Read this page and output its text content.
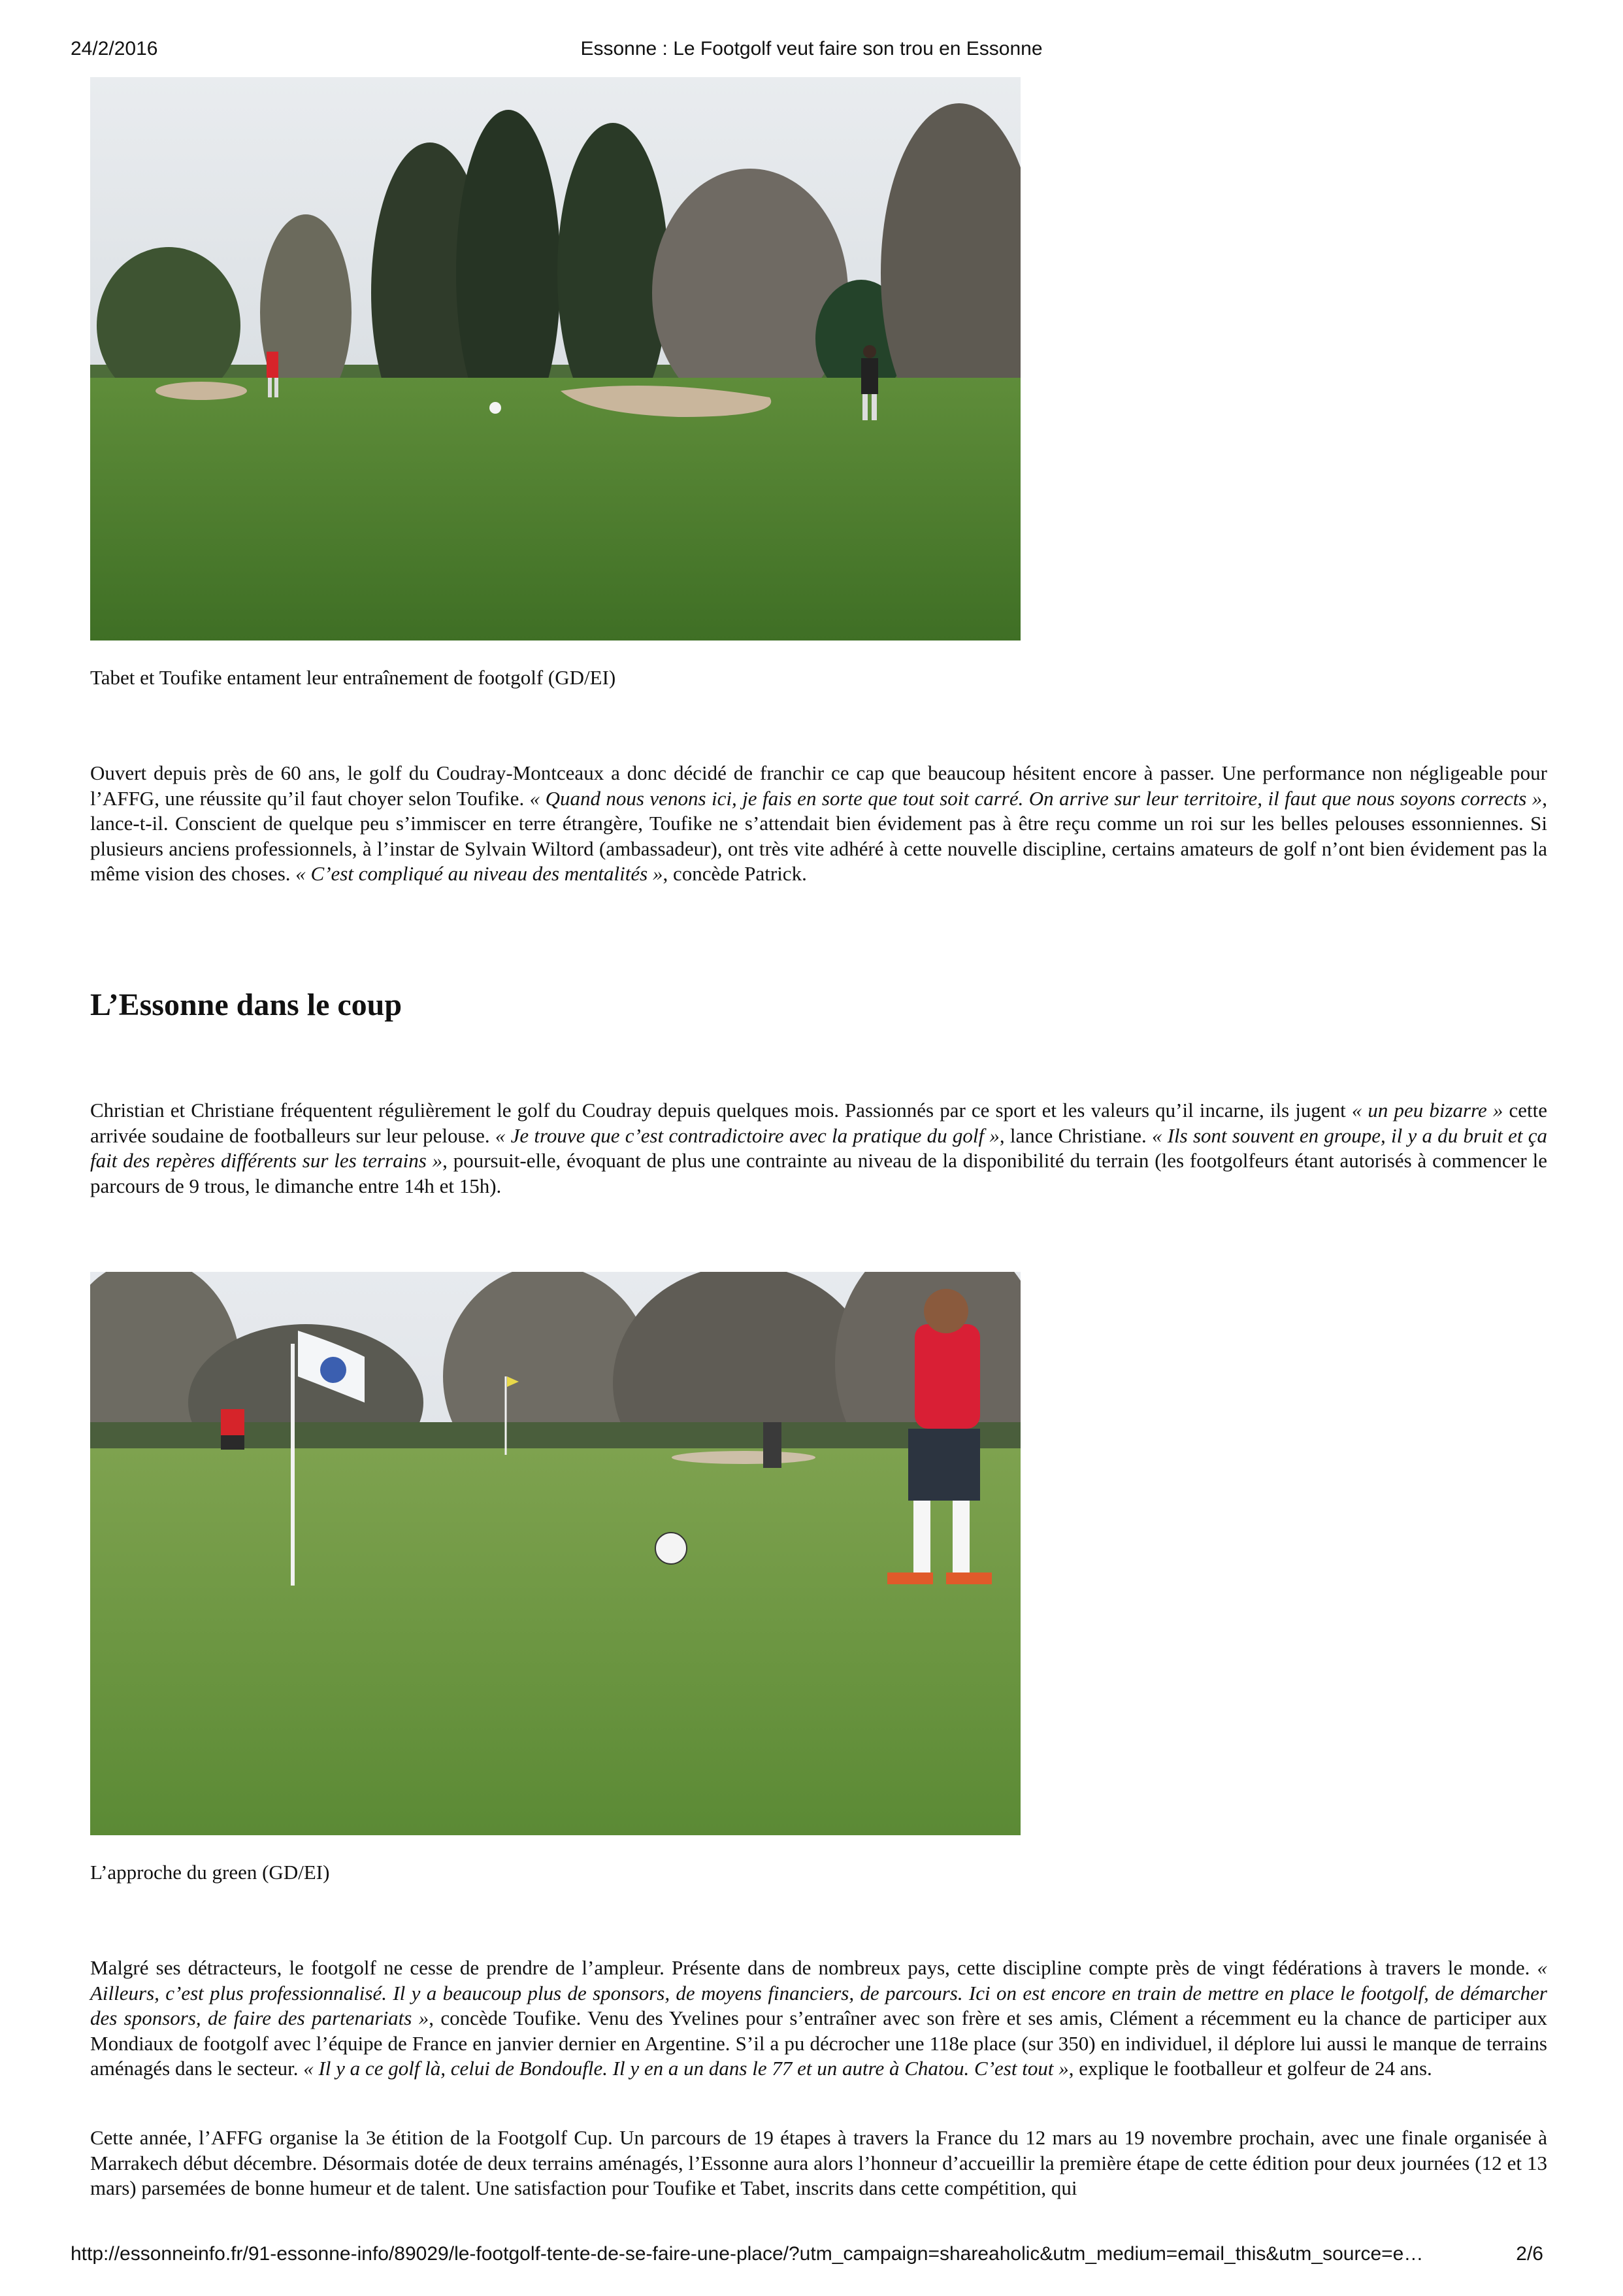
24/2/2016	Essonne : Le Footgolf veut faire son trou en Essonne
Tabet et Toufike entament leur entraînement de footgolf (GD/EI)

Ouvert depuis près de 60 ans, le golf du Coudray-Montceaux a donc décidé de franchir ce cap que beaucoup hésitent encore à passer. Une performance non négligeable pour l’AFFG, une réussite qu’il faut choyer selon Toufike. « Quand nous venons ici, je fais en sorte que tout soit carré. On arrive sur leur territoire, il faut que nous soyons corrects », lance-t-il. Conscient de quelque peu s’immiscer en terre étrangère, Toufike ne s’attendait bien évidement pas à être reçu comme un roi sur les belles pelouses essonniennes. Si plusieurs anciens professionnels, à l’instar de Sylvain Wiltord (ambassadeur), ont très vite adhéré à cette nouvelle discipline, certains amateurs de golf n’ont bien évidement pas la même vision des choses. « C’est compliqué au niveau des mentalités », concède Patrick.

L’Essonne dans le coup

Christian et Christiane fréquentent régulièrement le golf du Coudray depuis quelques mois. Passionnés par ce sport et les valeurs qu’il incarne, ils jugent « un peu bizarre » cette arrivée soudaine de footballeurs sur leur pelouse. « Je trouve que c’est contradictoire avec la pratique du golf », lance Christiane. « Ils sont souvent en groupe, il y a du bruit et ça fait des repères différents sur les terrains », poursuit-elle, évoquant de plus une contrainte au niveau de la disponibilité du terrain (les footgolfeurs étant autorisés à commencer le parcours de 9 trous, le dimanche entre 14h et 15h).

L’approche du green (GD/EI)

Malgré ses détracteurs, le footgolf ne cesse de prendre de l’ampleur. Présente dans de nombreux pays, cette discipline compte près de vingt fédérations à travers le monde. « Ailleurs, c’est plus professionnalisé. Il y a beaucoup plus de sponsors, de moyens financiers, de parcours. Ici on est encore en train de mettre en place le footgolf, de démarcher des sponsors, de faire des partenariats », concède Toufike. Venu des Yvelines pour s’entraîner avec son frère et ses amis, Clément a récemment eu la chance de participer aux Mondiaux de footgolf avec l’équipe de France en janvier dernier en Argentine. S’il a pu décrocher une 118e place (sur 350) en individuel, il déplore lui aussi le manque de terrains aménagés dans le secteur. « Il y a ce golf là, celui de Bondoufle. Il y en a un dans le 77 et un autre à Chatou. C’est tout », explique le footballeur et golfeur de 24 ans.

Cette année, l’AFFG organise la 3e étition de la Footgolf Cup. Un parcours de 19 étapes à travers la France du 12 mars au 19 novembre prochain, avec une finale organisée à Marrakech début décembre. Désormais dotée de deux terrains aménagés, l’Essonne aura alors l’honneur d’accueillir la première étape de cette édition pour deux journées (12 et 13 mars) parsemées de bonne humeur et de talent. Une satisfaction pour Toufike et Tabet, inscrits dans cette compétition, qui

http://essonneinfo.fr/91-essonne-info/89029/le-footgolf-tente-de-se-faire-une-place/?utm_campaign=shareaholic&utm_medium=email_this&utm_source=e…	2/6
